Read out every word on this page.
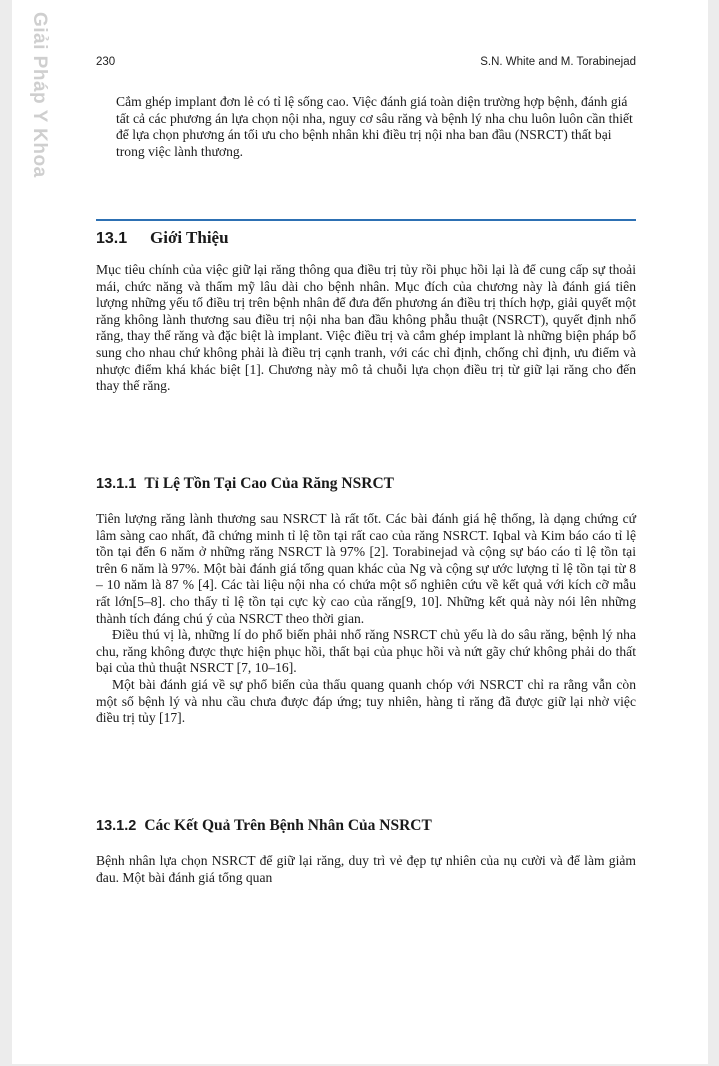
Giải Pháp Y Khoa	230	S.N. White and M. Torabinejad

Cắm ghép implant đơn lẻ có tỉ lệ sống cao. Việc đánh giá toàn diện trường hợp bệnh, đánh giá tất cả các phương án lựa chọn nội nha, nguy cơ sâu răng và bệnh lý nha chu luôn luôn cần thiết để lựa chọn phương án tối ưu cho bệnh nhân khi điều trị nội nha ban đầu (NSRCT) thất bại trong việc lành thương.

13.1 Giới Thiệu

Mục tiêu chính của việc giữ lại răng thông qua điều trị tủy rồi phục hồi lại là để cung cấp sự thoải mái, chức năng và thẩm mỹ lâu dài cho bệnh nhân. Mục đích của chương này là đánh giá tiên lượng những yếu tố điều trị trên bệnh nhân để đưa đến phương án điều trị thích hợp, giải quyết một răng không lành thương sau điều trị nội nha ban đầu không phẫu thuật (NSRCT), quyết định nhổ răng, thay thế răng và đặc biệt là implant. Việc điều trị và cắm ghép implant là những biện pháp bổ sung cho nhau chứ không phải là điều trị cạnh tranh, với các chỉ định, chống chỉ định, ưu điểm và nhược điểm khá khác biệt [1]. Chương này mô tả chuỗi lựa chọn điều trị từ giữ lại răng cho đến thay thế răng.

13.1.1 Tỉ Lệ Tồn Tại Cao Của Răng NSRCT

Tiên lượng răng lành thương sau NSRCT là rất tốt. Các bài đánh giá hệ thống, là dạng chứng cứ lâm sàng cao nhất, đã chứng minh tỉ lệ tồn tại rất cao của răng NSRCT. Iqbal và Kim báo cáo tỉ lệ tồn tại đến 6 năm ở những răng NSRCT là 97% [2]. Torabinejad và cộng sự báo cáo tỉ lệ tồn tại trên 6 năm là 97%. Một bài đánh giá tổng quan khác của Ng và cộng sự ước lượng tỉ lệ tồn tại từ 8 – 10 năm là 87 % [4]. Các tài liệu nội nha có chứa một số nghiên cứu về kết quả với kích cỡ mẫu rất lớn[5–8]. cho thấy tỉ lệ tồn tại cực kỳ cao của răng[9, 10]. Những kết quả này nói lên những thành tích đáng chú ý của NSRCT theo thời gian.

Điều thú vị là, những lí do phổ biến phải nhổ răng NSRCT chủ yếu là do sâu răng, bệnh lý nha chu, răng không được thực hiện phục hồi, thất bại của phục hồi và nứt gãy chứ không phải do thất bại của thủ thuật NSRCT [7, 10–16].

Một bài đánh giá về sự phổ biến của thấu quang quanh chóp với NSRCT chỉ ra rằng vẫn còn một số bệnh lý và nhu cầu chưa được đáp ứng; tuy nhiên, hàng tỉ răng đã được giữ lại nhờ việc điều trị tủy [17].

13.1.2 Các Kết Quả Trên Bệnh Nhân Của NSRCT

Bệnh nhân lựa chọn NSRCT để giữ lại răng, duy trì vẻ đẹp tự nhiên của nụ cười và để làm giảm đau. Một bài đánh giá tổng quan
